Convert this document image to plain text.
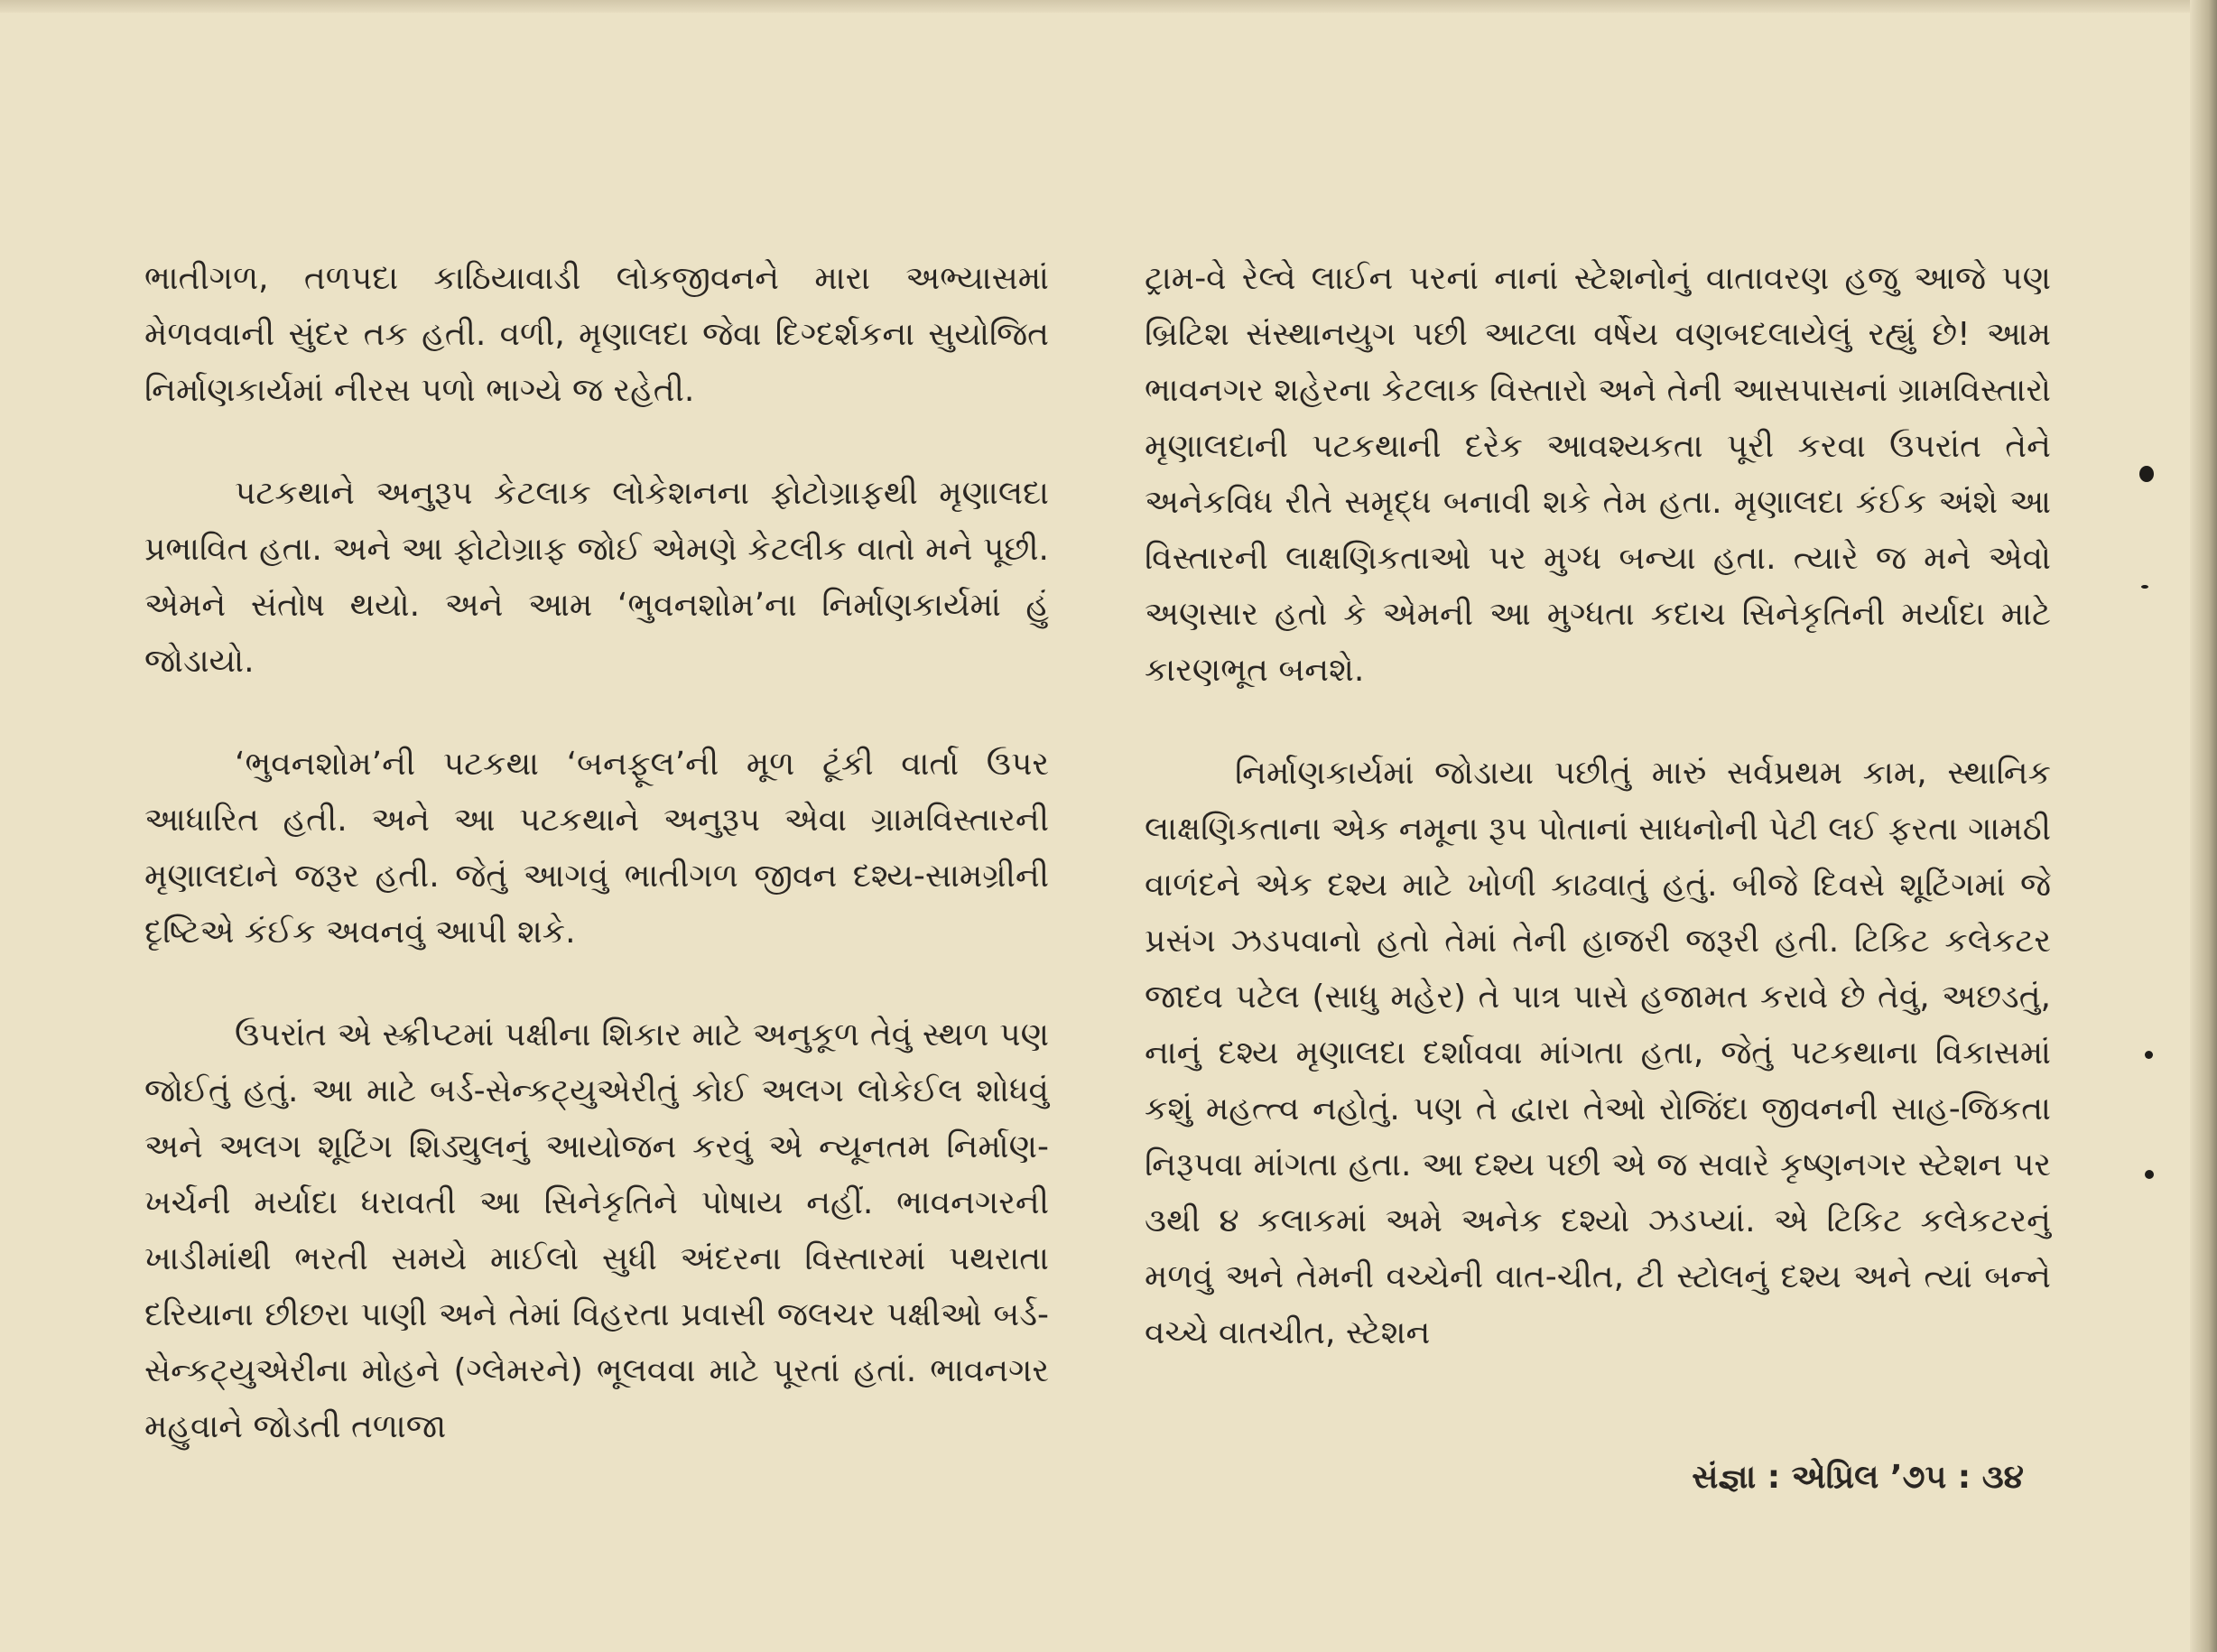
ભાતીગળ, તળપદા કાઠિયાવાડી લોકજીવનને મારા અભ્યાસમાં મેળવવાની સુંદર તક હતી. વળી, મૃણાલદા જેવા દિગ્દર્શકના સુયોજિત નિર્માણકાર્યમાં નીરસ પળો ભાગ્યે જ રહેતી.

પટકથાને અનુરૂપ કેટલાક લોકેશનના ફોટોગ્રાફથી મૃણાલદા પ્રભાવિત હતા. અને આ ફોટોગ્રાફ જોઈ એમણે કેટલીક વાતો મને પૂછી. એમને સંતોષ થયો. અને આમ ‘ભુવનશોમ’ના નિર્માણકાર્યમાં હું જોડાયો.

‘ભુવનશોમ’ની પટકથા ‘બનફૂલ’ની મૂળ ટૂંકી વાર્તા ઉપર આધારિત હતી. અને આ પટકથાને અનુરૂપ એવા ગ્રામવિસ્તારની મૃણાલદાને જરૂર હતી. જેતું આગવું ભાતીગળ જીવન દશ્ય-સામગ્રીની દૃષ્ટિએ કંઈક અવનવું આપી શકે.

ઉપરાંત એ સ્ક્રીપ્ટમાં પક્ષીના શિકાર માટે અનુકૂળ તેવું સ્થળ પણ જોઈતું હતું. આ માટે બર્ડ-સેન્કટ્યુએરીતું કોઈ અલગ લોકેઈલ શોધવું અને અલગ શૂટિંગ શિડ્યુલનું આયોજન કરવું એ ન્યૂનતમ નિર્માણ-ખર્ચની મર્યાદા ધરાવતી આ સિનેકૃતિને પોષાય નહીં. ભાવનગરની ખાડીમાંથી ભરતી સમયે માઈલો સુધી અંદરના વિસ્તારમાં પથરાતા દરિયાના છીછરા પાણી અને તેમાં વિહરતા પ્રવાસી જલચર પક્ષીઓ બર્ડ-સેન્કટ્યુએરીના મોહને (ગ્લેમરને) ભૂલવવા માટે પૂરતાં હતાં. ભાવનગર મહુવાને જોડતી તળાજા

ટ્રામ-વે રેલ્વે લાઈન પરનાં નાનાં સ્ટેશનોનું વાતાવરણ હજુ આજે પણ બ્રિટિશ સંસ્થાનયુગ પછી આટલા વર્ષેય વણબદલાયેલું રહ્યું છે! આમ ભાવનગર શહેરના કેટલાક વિસ્તારો અને તેની આસપાસનાં ગ્રામવિસ્તારો મૃણાલદાની પટકથાની દરેક આવશ્યકતા પૂરી કરવા ઉપરાંત તેને અનેકવિધ રીતે સમૃદ્ધ બનાવી શકે તેમ હતા. મૃણાલદા કંઈક અંશે આ વિસ્તારની લાક્ષણિકતાઓ પર મુગ્ધ બન્યા હતા. ત્યારે જ મને એવો અણસાર હતો કે એમની આ મુગ્ધતા કદાચ સિનેકૃતિની મર્યાદા માટે કારણભૂત બનશે.

નિર્માણકાર્યમાં જોડાયા પછીતું મારું સર્વપ્રથમ કામ, સ્થાનિક લાક્ષણિકતાના એક નમૂના રૂપ પોતાનાં સાધનોની પેટી લઈ ફરતા ગામઠી વાળંદને એક દશ્ય માટે ખોળી કાઢવાતું હતું. બીજે દિવસે શૂટિંગમાં જે પ્રસંગ ઝડપવાનો હતો તેમાં તેની હાજરી જરૂરી હતી. ટિકિટ કલેકટર જાદવ પટેલ (સાધુ મહેર) તે પાત્ર પાસે હજામત કરાવે છે તેવું, અછડતું, નાનું દશ્ય મૃણાલદા દર્શાવવા માંગતા હતા, જેતું પટકથાના વિકાસમાં કશું મહત્ત્વ નહોતું. પણ તે દ્વારા તેઓ રોજિંદા જીવનની સાહ-જિકતા નિરૂપવા માંગતા હતા. આ દશ્ય પછી એ જ સવારે કૃષ્ણનગર સ્ટેશન પર ૩થી ૪ કલાકમાં અમે અનેક દશ્યો ઝડપ્યાં. એ ટિકિટ કલેકટરનું મળવું અને તેમની વચ્ચેની વાત-ચીત, ટી સ્ટોલનું દશ્ય અને ત્યાં બન્ને વચ્ચે વાતચીત, સ્ટેશન

સંજ્ઞા : એપ્રિલ ’૭૫ : ૩૪
